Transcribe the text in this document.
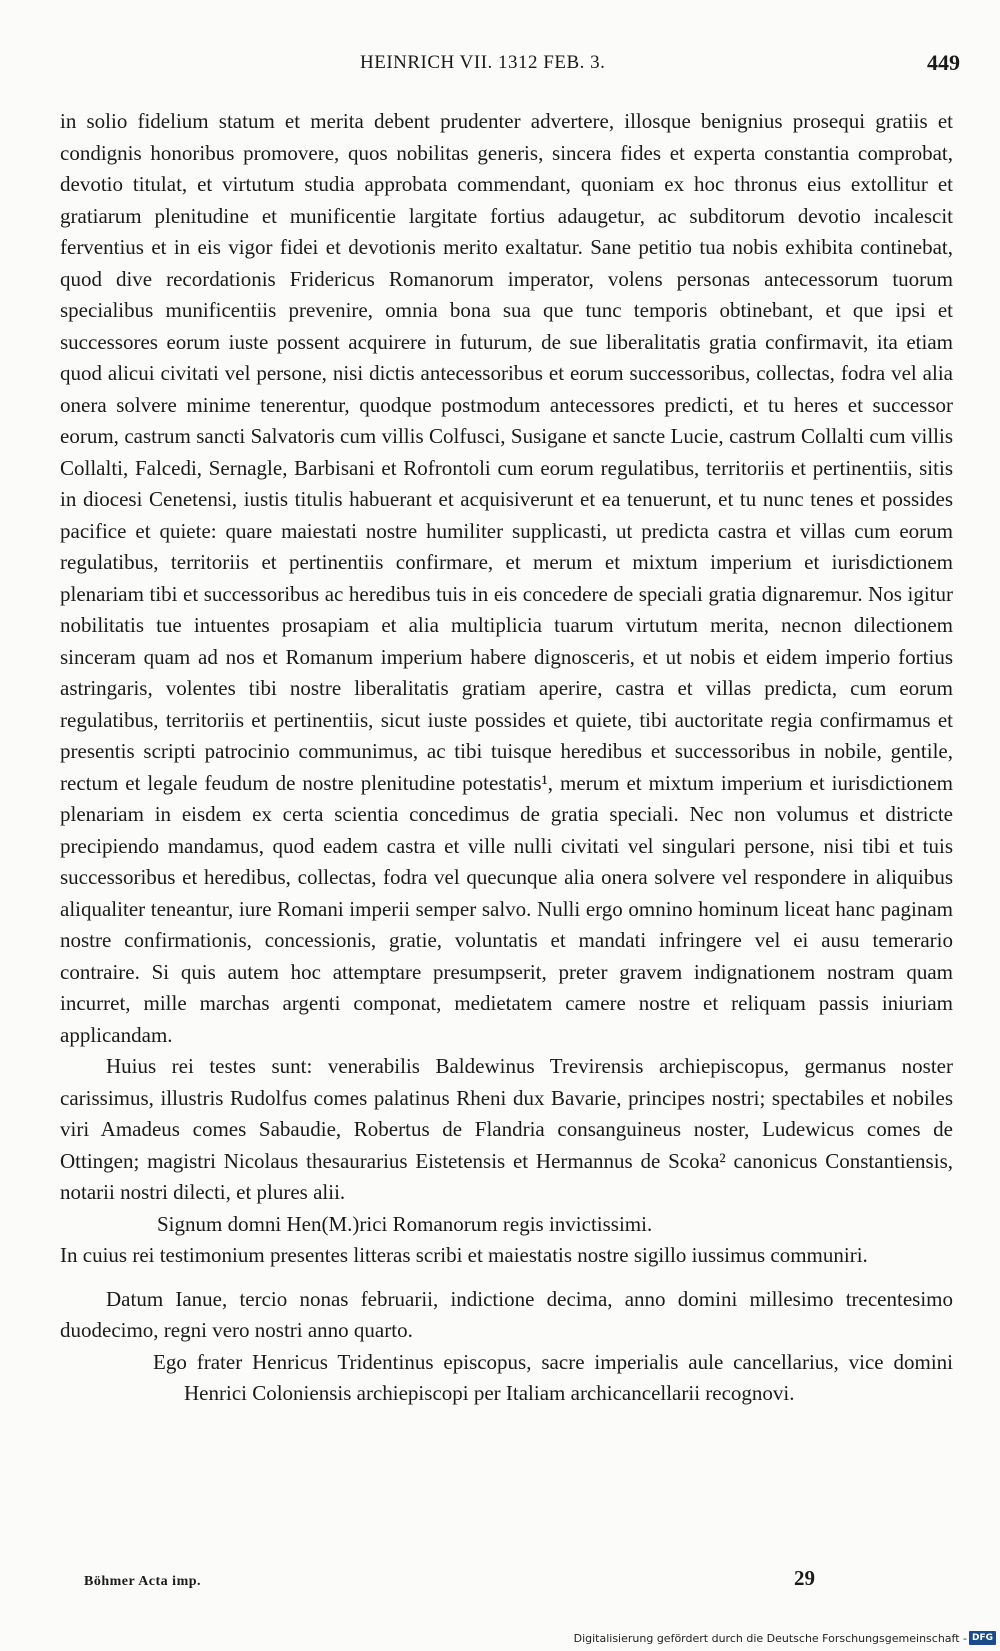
HEINRICH VII. 1312 FEB. 3.	449

in solio fidelium statum et merita debent prudenter advertere, illosque benignius prosequi gratiis et condignis honoribus promovere, quos nobilitas generis, sincera fides et experta constantia comprobat, devotio titulat, et virtutum studia approbata commendant, quoniam ex hoc thronus eius extollitur et gratiarum plenitudine et munificentie largitate fortius adaugetur, ac subditorum devotio incalescit ferventius et in eis vigor fidei et devotionis merito exaltatur. Sane petitio tua nobis exhibita continebat, quod dive recordationis Fridericus Romanorum imperator, volens personas antecessorum tuorum specialibus munificentiis prevenire, omnia bona sua que tunc temporis obtinebant, et que ipsi et successores eorum iuste possent acquirere in futurum, de sue liberalitatis gratia confirmavit, ita etiam quod alicui civitati vel persone, nisi dictis antecessoribus et eorum successoribus, collectas, fodra vel alia onera solvere minime tenerentur, quodque postmodum antecessores predicti, et tu heres et successor eorum, castrum sancti Salvatoris cum villis Colfusci, Susigane et sancte Lucie, castrum Collalti cum villis Collalti, Falcedi, Sernagle, Barbisani et Rofrontoli cum eorum regulatibus, territoriis et pertinentiis, sitis in diocesi Cenetensi, iustis titulis habuerant et acquisiverunt et ea tenuerunt, et tu nunc tenes et possides pacifice et quiete: quare maiestati nostre humiliter supplicasti, ut predicta castra et villas cum eorum regulatibus, territoriis et pertinentiis confirmare, et merum et mixtum imperium et iurisdictionem plenariam tibi et successoribus ac heredibus tuis in eis concedere de speciali gratia dignaremur. Nos igitur nobilitatis tue intuentes prosapiam et alia multiplicia tuarum virtutum merita, necnon dilectionem sinceram quam ad nos et Romanum imperium habere dignosceris, et ut nobis et eidem imperio fortius astringaris, volentes tibi nostre liberalitatis gratiam aperire, castra et villas predicta, cum eorum regulatibus, territoriis et pertinentiis, sicut iuste possides et quiete, tibi auctoritate regia confirmamus et presentis scripti patrocinio communimus, ac tibi tuisque heredibus et successoribus in nobile, gentile, rectum et legale feudum de nostre plenitudine potestatis¹, merum et mixtum imperium et iurisdictionem plenariam in eisdem ex certa scientia concedimus de gratia speciali. Nec non volumus et districte precipiendo mandamus, quod eadem castra et ville nulli civitati vel singulari persone, nisi tibi et tuis successoribus et heredibus, collectas, fodra vel quecunque alia onera solvere vel respondere in aliquibus aliqualiter teneantur, iure Romani imperii semper salvo. Nulli ergo omnino hominum liceat hanc paginam nostre confirmationis, concessionis, gratie, voluntatis et mandati infringere vel ei ausu temerario contraire. Si quis autem hoc attemptare presumpserit, preter gravem indignationem nostram quam incurret, mille marchas argenti componat, medietatem camere nostre et reliquam passis iniuriam applicandam.

Huius rei testes sunt: venerabilis Baldewinus Trevirensis archiepiscopus, germanus noster carissimus, illustris Rudolfus comes palatinus Rheni dux Bavarie, principes nostri; spectabiles et nobiles viri Amadeus comes Sabaudie, Robertus de Flandria consanguineus noster, Ludewicus comes de Ottingen; magistri Nicolaus thesaurarius Eistetensis et Hermannus de Scoka² canonicus Constantiensis, notarii nostri dilecti, et plures alii.

Signum domni Hen(M.)rici Romanorum regis invictissimi.

In cuius rei testimonium presentes litteras scribi et maiestatis nostre sigillo iussimus communiri.

Datum Ianue, tercio nonas februarii, indictione decima, anno domini millesimo trecentesimo duodecimo, regni vero nostri anno quarto.

Ego frater Henricus Tridentinus episcopus, sacre imperialis aule cancellarius, vice domini Henrici Coloniensis archiepiscopi per Italiam archicancellarii recognovi.

Böhmer Acta imp.	29
Digitalisierung gefördert durch die Deutsche Forschungsgemeinschaft - DFG
